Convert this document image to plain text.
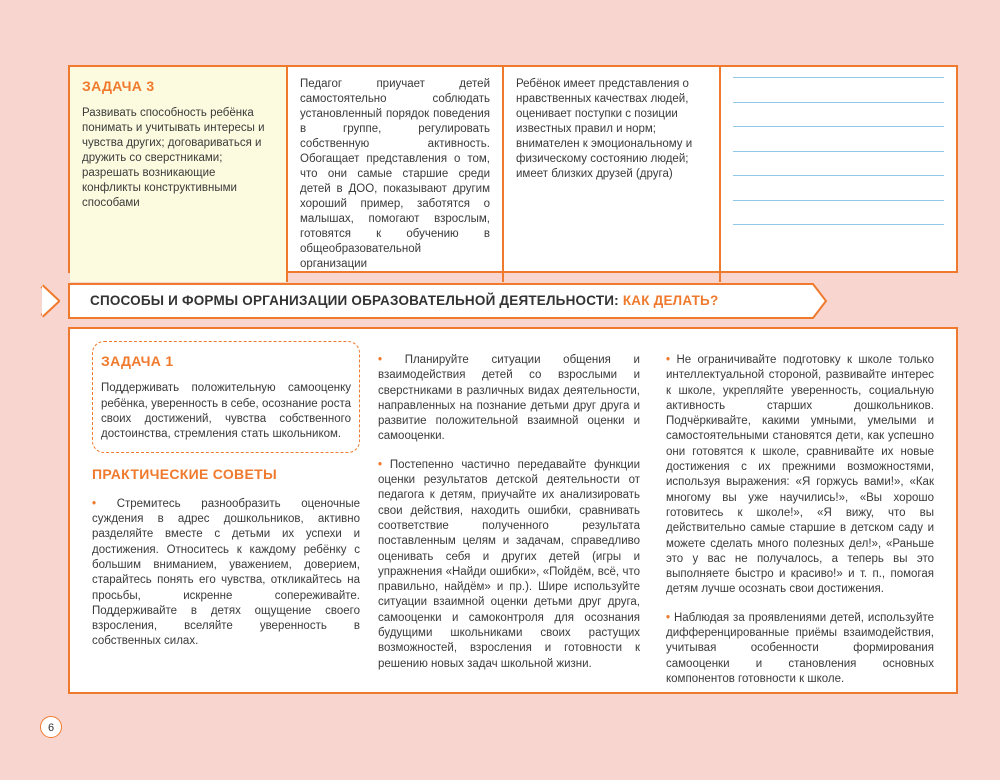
ЗАДАЧА 3

Развивать способность ребёнка понимать и учитывать интересы и чувства других; договариваться и дружить со сверстниками; разрешать возникающие конфликты конструктивными способами

Педагог приучает детей самостоятельно соблюдать установленный порядок поведения в группе, регулировать собственную активность. Обогащает представления о том, что они самые старшие среди детей в ДОО, показывают другим хороший пример, заботятся о малышах, помогают взрослым, готовятся к обучению в общеобразовательной организации

Ребёнок имеет представления о нравственных качествах людей, оценивает поступки с позиции известных правил и норм; внимателен к эмоциональному и физическому состоянию людей; имеет близких друзей (друга)

СПОСОБЫ И ФОРМЫ ОРГАНИЗАЦИИ ОБРАЗОВАТЕЛЬНОЙ ДЕЯТЕЛЬНОСТИ: КАК ДЕЛАТЬ?
ЗАДАЧА 1

Поддерживать положительную самооценку ребёнка, уверенность в себе, осознание роста своих достижений, чувства собственного достоинства, стремления стать школьником.

ПРАКТИЧЕСКИЕ СОВЕТЫ

• Стремитесь разнообразить оценочные суждения в адрес дошкольников, активно разделяйте вместе с детьми их успехи и достижения. Относитесь к каждому ребёнку с большим вниманием, уважением, доверием, старайтесь понять его чувства, откликайтесь на просьбы, искренне сопереживайте. Поддерживайте в детях ощущение своего взросления, вселяйте уверенность в собственных силах.

• Планируйте ситуации общения и взаимодействия детей со взрослыми и сверстниками в различных видах деятельности, направленных на познание детьми друг друга и развитие положительной взаимной оценки и самооценки.

• Постепенно частично передавайте функции оценки результатов детской деятельности от педагога к детям, приучайте их анализировать свои действия, находить ошибки, сравнивать соответствие полученного результата поставленным целям и задачам, справедливо оценивать себя и других детей (игры и упражнения «Найди ошибки», «Пойдём, всё, что правильно, найдём» и пр.). Шире используйте ситуации взаимной оценки детьми друг друга, самооценки и самоконтроля для осознания будущими школьниками своих растущих возможностей, взросления и готовности к решению новых задач школьной жизни.

• Не ограничивайте подготовку к школе только интеллектуальной стороной, развивайте интерес к школе, укрепляйте уверенность, социальную активность старших дошкольников. Подчёркивайте, какими умными, умелыми и самостоятельными становятся дети, как успешно они готовятся к школе, сравнивайте их новые достижения с их прежними возможностями, используя выражения: «Я горжусь вами!», «Как многому вы уже научились!», «Вы хорошо готовитесь к школе!», «Я вижу, что вы действительно самые старшие в детском саду и можете сделать много полезных дел!», «Раньше это у вас не получалось, а теперь вы это выполняете быстро и красиво!» и т. п., помогая детям лучше осознать свои достижения.

• Наблюдая за проявлениями детей, используйте дифференцированные приёмы взаимодействия, учитывая особенности формирования самооценки и становления основных компонентов готовности к школе.

6
